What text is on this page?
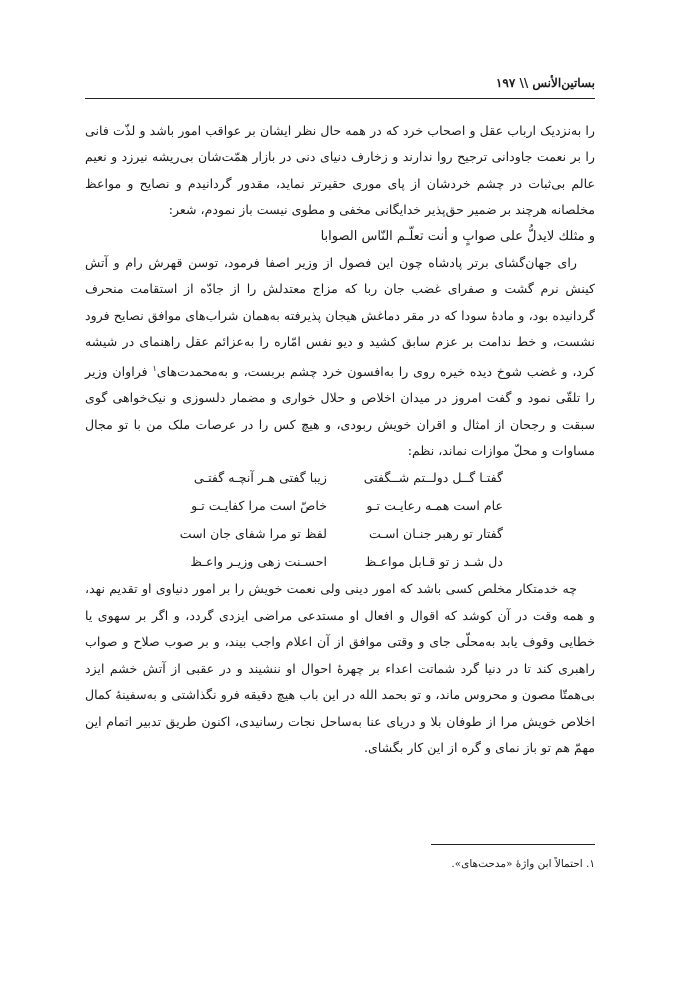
بساتین‌الأنس \\ ۱۹۷

را به‌نزدیک ارباب عقل و اصحاب خرد که در همه حال نظر ایشان بر عواقب امور باشد و لذّت فانی را بر نعمت جاودانی ترجیح روا ندارند و زخارف دنیای دنی در بازار همّت‌شان بی‌ریشه نیرزد و نعیم عالم بی‌ثبات در چشم خردشان از پای موری حقیرتر نماید، مقدور گردانیدم و نصایح و مواعظ مخلصانه هرچند بر ضمیر حق‌پذیر خدایگانی مخفی و مطوی نیست باز نمودم، شعر:

و مثلك لايدلُّ علی صوابٍ و أنت تعلّـم النّاس الصوابا

رای جهان‌گشای برتر پادشاه چون این فصول از وزیر اصفا فرمود، توسن قهرش رام و آتش کینش نرم گشت و صفرای غضب جان ربا که مزاج معتدلش را از جادّه از استقامت منحرف گردانیده بود، و مادهٔ سودا که در مقر دماغش هیجان پذیرفته به‌همان شراب‌های موافق نصایح فرود نشست، و خط ندامت بر عزم سابق کشید و دیو نفس امّاره را به‌عزائم عقل راهنمای در شیشه کرد، و غضب شوخ دیده خیره روی را به‌افسون خرد چشم بربست، و به‌محمدت‌های$^۱$ فراوان وزیر را تلقّی نمود و گفت امروز در میدان اخلاص و حلال خواری و مضمار دلسوزی و نیک‌خواهی گوی سبقت و رجحان از امثال و اقران خویش ربودی، و هیچ کس را در عرصات ملک من با تو مجال مساوات و محلّ موازات نماند، نظم:

گفتـا گــل دولــتم شــگفتی
زیبا گفتی هـر آنچـه گفتـی
عام است همـه رعایـت تـو
خاصّ است مرا کفایـت تـو
گفتار تو رهبر جنـان اسـت
لفظ تو مرا شفای جان است
دل شـد ز تو قـابل مواعـظ
احسـنت زهی وزیـر واعـظ

چه خدمتکار مخلص کسی باشد که امور دینی ولی نعمت خویش را بر امور دنیاوی او تقدیم نهد، و همه وقت در آن کوشد که اقوال و افعال او مستدعی مراضی ایزدی گردد، و اگر بر سهوی یا خطایی وقوف یابد به‌محلّی جای و وقتی موافق از آن اعلام واجب بیند، و بر صوب صلاح و صواب راهبری کند تا در دنیا گرد شماتت اعداء بر چهرهٔ احوال او ننشیند و در عقبی از آتش خشم ایزد بی‌همتّا مصون و محروس ماند، و تو بحمد الله در این باب هیچ دقیقه فرو نگذاشتی و به‌سفینهٔ کمال اخلاص خویش مرا از طوفان بلا و دریای عنا به‌ساحل نجات رسانیدی، اکنون طریق تدبیر اتمام این مهمّ هم تو باز نمای و گره از این کار بگشای.

۱. احتمالاً ابن واژهٔ «مدحت‌های».
